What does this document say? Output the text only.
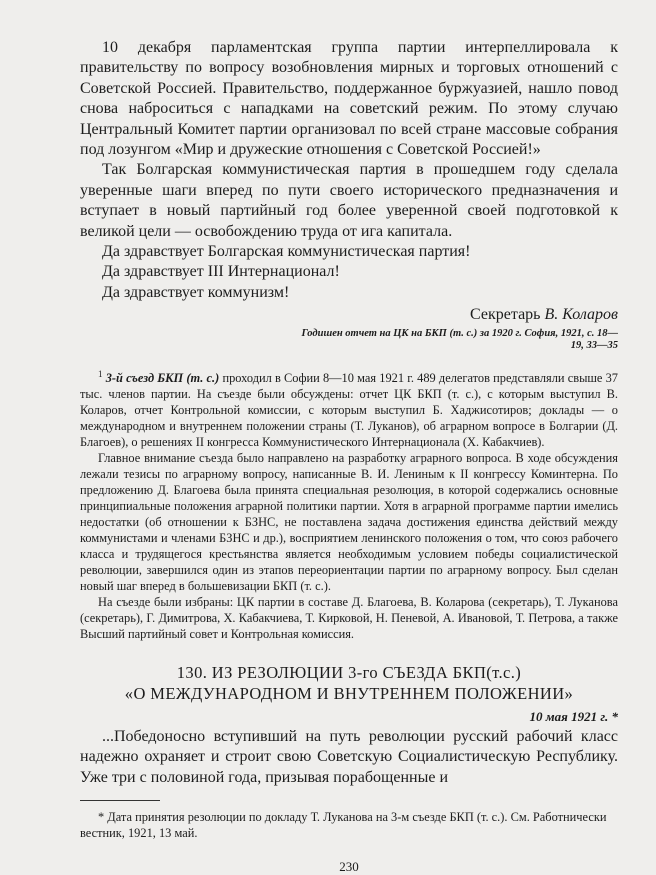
10 декабря парламентская группа партии интерпеллировала к правительству по вопросу возобновления мирных и торговых отношений с Советской Россией. Правительство, поддержанное буржуазией, нашло повод снова наброситься с нападками на советский режим. По этому случаю Центральный Комитет партии организовал по всей стране массовые собрания под лозунгом «Мир и дружеские отношения с Советской Россией!»

Так Болгарская коммунистическая партия в прошедшем году сделала уверенные шаги вперед по пути своего исторического предназначения и вступает в новый партийный год более уверенной своей подготовкой к великой цели — освобождению труда от ига капитала.

Да здравствует Болгарская коммунистическая партия!

Да здравствует III Интернационал!

Да здравствует коммунизм!

Секретарь В. Коларов

Годишен отчет на ЦК на БКП (т. с.) за 1920 г. София, 1921, с. 18—19, 33—35

$^1$ 3-й съезд БКП (т. с.) проходил в Софии 8—10 мая 1921 г. 489 делегатов представляли свыше 37 тыс. членов партии. На съезде были обсуждены: отчет ЦК БКП (т. с.), с которым выступил В. Коларов, отчет Контрольной комиссии, с которым выступил Б. Хаджисотиров; доклады — о международном и внутреннем положении страны (Т. Луканов), об аграрном вопросе в Болгарии (Д. Благоев), о решениях II конгресса Коммунистического Интернационала (Х. Кабакчиев).

Главное внимание съезда было направлено на разработку аграрного вопроса. В ходе обсуждения лежали тезисы по аграрному вопросу, написанные В. И. Лениным к II конгрессу Коминтерна. По предложению Д. Благоева была принята специальная резолюция, в которой содержались основные принципиальные положения аграрной политики партии. Хотя в аграрной программе партии имелись недостатки (об отношении к БЗНС, не поставлена задача достижения единства действий между коммунистами и членами БЗНС и др.), восприятием ленинского положения о том, что союз рабочего класса и трудящегося крестьянства является необходимым условием победы социалистической революции, завершился один из этапов переориентации партии по аграрному вопросу. Был сделан новый шаг вперед в большевизации БКП (т. с.).

На съезде были избраны: ЦК партии в составе Д. Благоева, В. Коларова (секретарь), Т. Луканова (секретарь), Г. Димитрова, Х. Кабакчиева, Т. Кирковой, Н. Пеневой, А. Ивановой, Т. Петрова, а также Высший партийный совет и Контрольная комиссия.

130. ИЗ РЕЗОЛЮЦИИ 3-го СЪЕЗДА БКП(т.с.)

«О МЕЖДУНАРОДНОМ И ВНУТРЕННЕМ ПОЛОЖЕНИИ»

10 мая 1921 г. *

...Победоносно вступивший на путь революции русский рабочий класс надежно охраняет и строит свою Советскую Социалистическую Республику. Уже три с половиной года, призывая порабощенные и

* Дата принятия резолюции по докладу Т. Луканова на 3-м съезде БКП (т. с.). См. Работнически вестник, 1921, 13 май.

230
